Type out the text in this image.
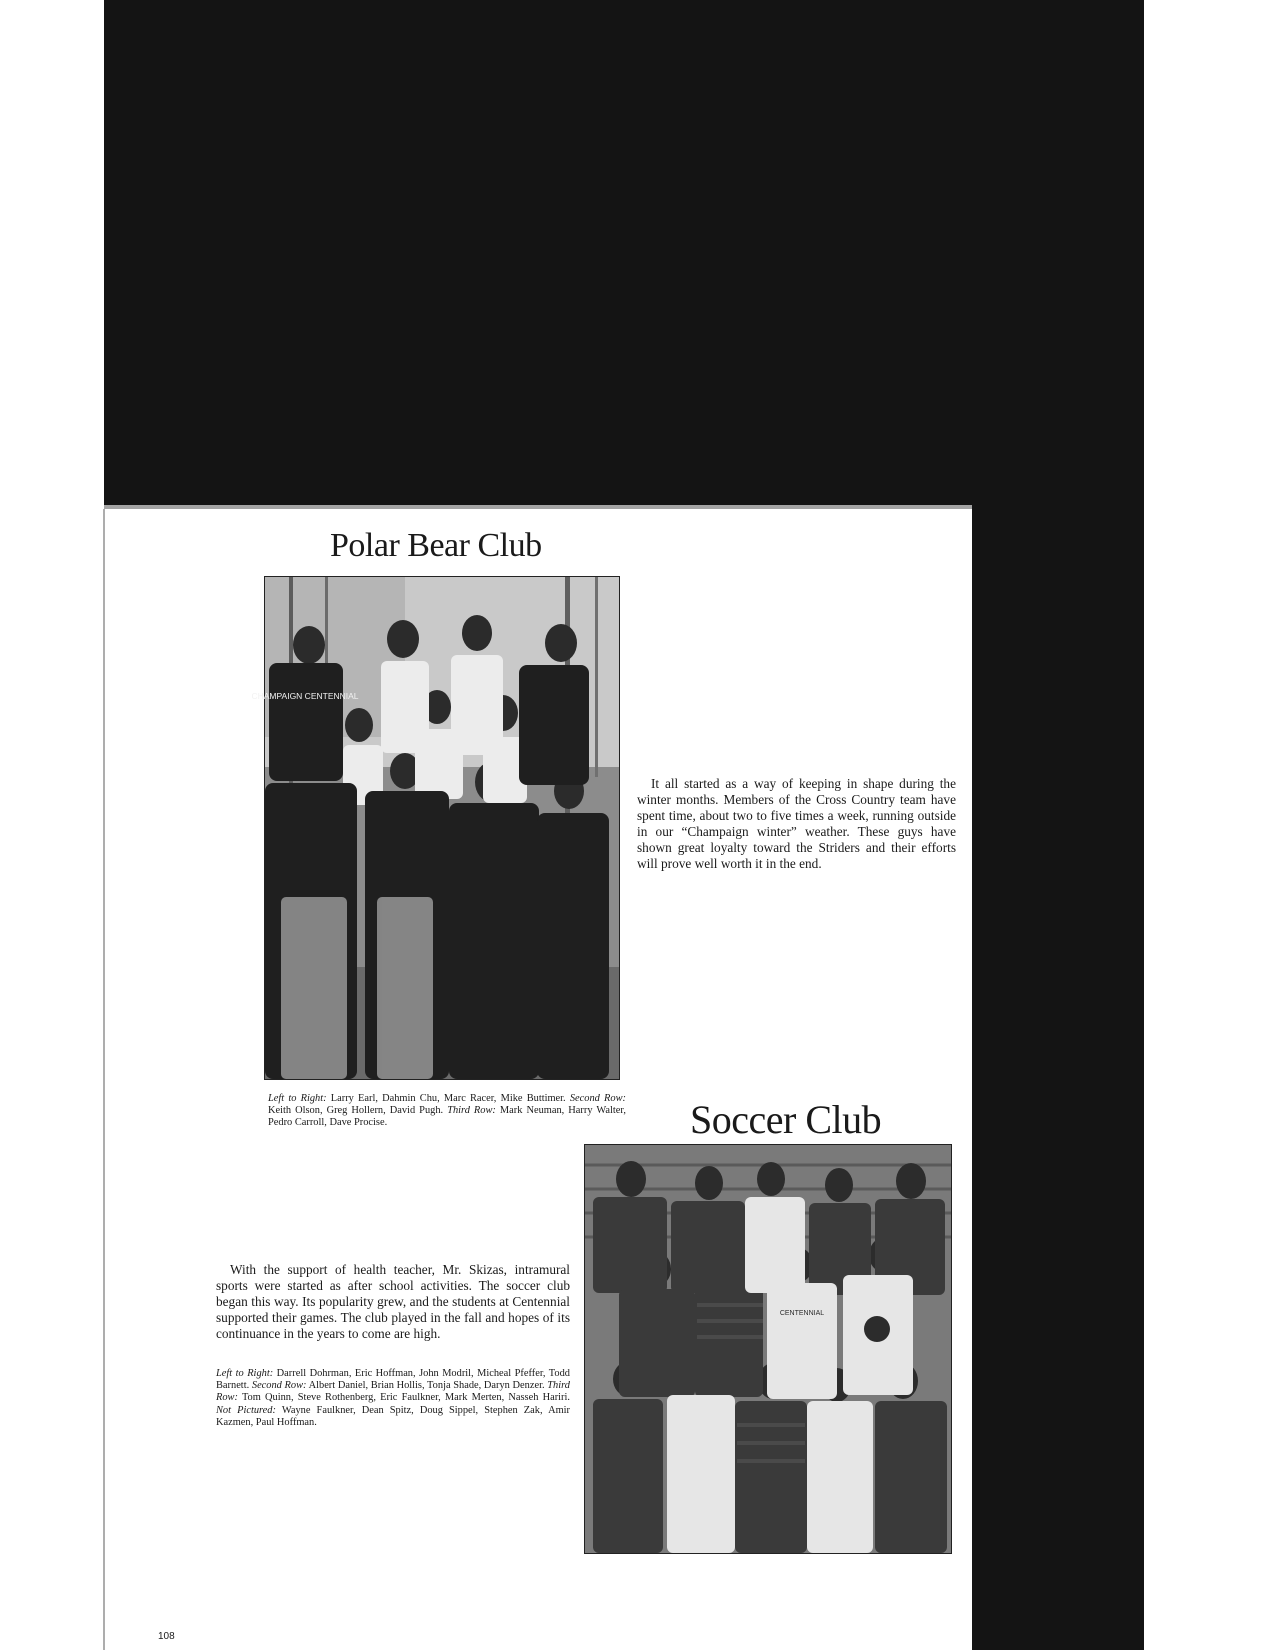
Polar Bear Club
CHAMPAIGN CENTENNIAL

Left to Right: Larry Earl, Dahmin Chu, Marc Racer, Mike Buttimer. Second Row: Keith Olson, Greg Hollern, David Pugh. Third Row: Mark Neuman, Harry Walter, Pedro Carroll, Dave Procise.

It all started as a way of keeping in shape during the winter months. Members of the Cross Country team have spent time, about two to five times a week, running outside in our “Champaign winter” weather. These guys have shown great loyalty toward the Striders and their efforts will prove well worth it in the end.

Soccer Club
CENTENNIAL

With the support of health teacher, Mr. Skizas, intramural sports were started as after school activities. The soccer club began this way. Its popularity grew, and the students at Centennial supported their games. The club played in the fall and hopes of its continuance in the years to come are high.

Left to Right: Darrell Dohrman, Eric Hoffman, John Modril, Micheal Pfeffer, Todd Barnett. Second Row: Albert Daniel, Brian Hollis, Tonja Shade, Daryn Denzer. Third Row: Tom Quinn, Steve Rothenberg, Eric Faulkner, Mark Merten, Nasseh Hariri. Not Pictured: Wayne Faulkner, Dean Spitz, Doug Sippel, Stephen Zak, Amir Kazmen, Paul Hoffman.

108
